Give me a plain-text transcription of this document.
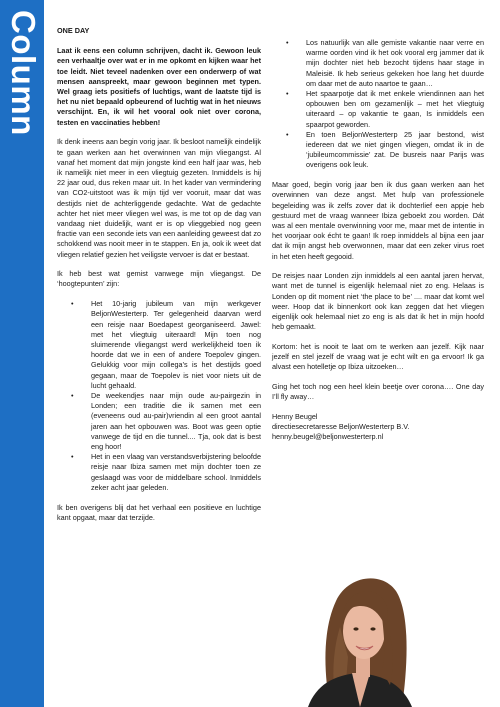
Column ONE DAY

Laat ik eens een column schrijven, dacht ik. Gewoon leuk een verhaaltje over wat er in me opkomt en kijken waar het toe leidt. Niet teveel nadenken over een onderwerp of wat mensen aanspreekt, maar gewoon beginnen met typen. Wel graag iets positiefs of luchtigs, want de laatste tijd is het nu niet bepaald opbeurend of luchtig wat in het nieuws verschijnt. En, ik wil het vooral ook niet over corona, testen en vaccinaties hebben!

Ik denk ineens aan begin vorig jaar. Ik besloot namelijk eindelijk te gaan werken aan het overwinnen van mijn vliegangst. Al vanaf het moment dat mijn jongste kind een half jaar was, heb ik namelijk niet meer in een vliegtuig gezeten. Inmiddels is hij 22 jaar oud, dus reken maar uit. In het kader van vermindering van CO2-uitstoot was ik mijn tijd ver vooruit, maar dat was destijds niet de achterliggende gedachte. Wat de gedachte achter het niet meer vliegen wel was, is me tot op de dag van vandaag niet duidelijk, want er is op vlieggebied nog geen fractie van een seconde iets van een aanleiding geweest dat zo schokkend was nooit meer in te stappen. En ja, ook ik weet dat vliegen relatief gezien het veiligste vervoer is dat er bestaat.

Ik heb best wat gemist vanwege mijn vliegangst. De ‘hoogtepunten’ zijn:

• Het 10-jarig jubileum van mijn werkgever BeljonWesterterp. Ter gelegenheid daarvan werd een reisje naar Boedapest georganiseerd. Jawel: met het vliegtuig uiteraard! Mijn toen nog sluimerende vliegangst werd werkelijkheid toen ik hoorde dat we in een of andere Toepolev gingen. Gelukkig voor mijn collega’s is het destijds goed gegaan, maar de Toepolev is niet voor niets uit de lucht gehaald.
• De weekendjes naar mijn oude au-pairgezin in Londen; een traditie die ik samen met een (eveneens oud au-pair)vriendin al een groot aantal jaren aan het opbouwen was. Boot was geen optie vanwege de tijd en die tunnel.... Tja, ook dat is best eng hoor!
• Het in een vlaag van verstandsverbijstering beloofde reisje naar Ibiza samen met mijn dochter toen ze geslaagd was voor de middelbare school. Inmiddels zeker acht jaar geleden.

Ik ben overigens blij dat het verhaal een positieve en luchtige kant opgaat, maar dat terzijde.

• Los natuurlijk van alle gemiste vakantie naar verre en warme oorden vind ik het ook vooral erg jammer dat ik mijn dochter niet heb bezocht tijdens haar stage in Maleisië. Ik heb serieus gekeken hoe lang het duurde om daar met de auto naartoe te gaan…
• Het spaarpotje dat ik met enkele vriendinnen aan het opbouwen ben om gezamenlijk – met het vliegtuig uiteraard – op vakantie te gaan, Is inmiddels een spaarpot geworden.
• En toen BeljonWesterterp 25 jaar bestond, wist iedereen dat we niet gingen vliegen, omdat ik in de ‘jubileumcommissie’ zat. De busreis naar Parijs was overigens ook leuk.

Maar goed, begin vorig jaar ben ik dus gaan werken aan het overwinnen van deze angst. Met hulp van professionele begeleiding was ik zelfs zover dat ik dochterlief een appje heb gestuurd met de vraag wanneer Ibiza geboekt zou worden. Dát was al een mentale overwinning voor me, maar met de intentie in het voorjaar ook écht te gaan! Ik roep inmiddels al bijna een jaar dat ik mijn angst heb overwonnen, maar dat een zeker virus roet in het eten heeft gegooid.

De reisjes naar Londen zijn inmiddels al een aantal jaren hervat, want met de tunnel is eigenlijk helemaal niet zo eng. Helaas is Londen op dit moment niet ‘the place to be’ .... maar dat komt wel weer. Hoop dat ik binnenkort ook kan zeggen dat het vliegen eigenlijk ook helemaal niet zo eng is als dat ik het in mijn hoofd heb gemaakt.

Kortom: het is nooit te laat om te werken aan jezelf. Kijk naar jezelf en stel jezelf de vraag wat je echt wilt en ga ervoor! Ik ga alvast een hotelletje op Ibiza uitzoeken…

Ging het toch nog een heel klein beetje over corona…. One day I’ll fly away…

Henny Beugel
directiesecretaresse BeljonWesterterp B.V.
henny.beugel@beljonwesterterp.nl
